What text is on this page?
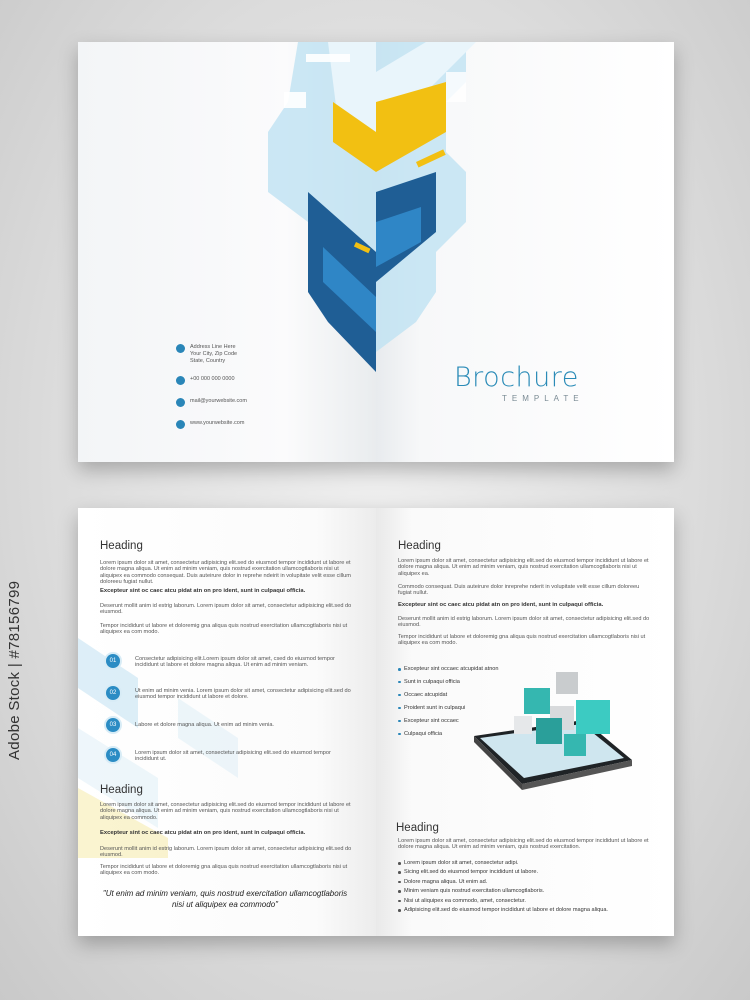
Adobe Stock | #78156799
Address Line Here
Your City, Zip Code
State, Country
+00 000 000 0000
mail@yourwebsite.com
www.yourwebsite.com
Brochure
TEMPLATE
Heading
Lorem ipsum dolor sit amet, consectetur adipisicing elit.sed do eiusmod tempor incididunt ut labore et dolore magna aliqua. Ut enim ad minim veniam, quis nostrud exercitation ullamcogtlaboris nisi ut aliquipex ea commodo consequat. Duis auteirure dolor in reprehe ndeirit in volupitate velit esse cillum doloreeu fugiat nullut.
Excepteur sint oc caec atcu pidat atn on pro ident, sunt in culpaqui officia.
Deserunt mollit anim id estrig laborum. Lorem ipsum dolor sit amet, consectetur adipisicing elit.sed do eiusmod.
Tempor incididunt ut labore et doloremig gna aliqua quis nostrud exercitation ullamcogtlaboris nisi ut aliquipex ea com modo.
01	Consectetur adipisicing elit.Lorem ipsum dolor sit amet, csed do eiusmod tempor incididunt ut labore et dolore magna aliqua. Ut enim ad minim veniam.
02	Ut enim ad minim venia. Lorem ipsum dolor sit amet, consectetur adipisicing elit.sed do eiusmod tempor incididunt ut labore et dolore.
03	Labore et dolore magna aliqua. Ut enim ad minim venia.
04	Lorem ipsum dolor sit amet, consectetur adipisicing elit.sed do eiusmod tempor incididunt ut.
Heading
Lorem ipsum dolor sit amet, consectetur adipisicing elit.sed do eiusmod tempor incididunt ut labore et dolore magna aliqua. Ut enim ad minim veniam, quis nostrud exercitation ullamcogtlaboris nisi ut aliquipex ea commodo.
Excepteur sint oc caec atcu pidat atn on pro ident, sunt in culpaqui officia.
Deserunt mollit anim id estrig laborum. Lorem ipsum dolor sit amet, consectetur adipisicing elit.sed do eiusmod.
Tempor incididunt ut labore et doloremig gna aliqua quis nostrud exercitation ullamcogtlaboris nisi ut aliquipex ea com modo.
"Ut enim ad minim veniam, quis nostrud exercitation ullamcogtlaboris nisi ut aliquipex ea commodo"
Heading
Lorem ipsum dolor sit amet, consectetur adipisicing elit.sed do eiusmod tempor incididunt ut labore et dolore magna aliqua. Ut enim ad minim veniam, quis nostrud exercitation ullamcogtlaboris nisi ut aliquipex ea.
Commodo consequat. Duis auteirure dolor inreprehe nderit in volupitate velit esse cillum doloreeu fugiat nullut.
Excepteur sint oc caec atcu pidat atn on pro ident, sunt in culpaqui officia.
Deserunt mollit anim id estrig laborum. Lorem ipsum dolor sit amet, consectetur adipisicing elit.sed do eiusmod.
Tempor incididunt ut labore et doloremig gna aliqua quis nostrud exercitation ullamcogtlaboris nisi ut aliquipex ea com modo.
Excepteur sint occaec atcupidat atnon
Sunt in culpaqui officia
Occaec atcupidat
Proident sunt in culpaqui
Excepteur sint occaec
Culpaqui officia
Heading
Lorem ipsum dolor sit amet, consectetur adipisicing elit.sed do eiusmod tempor incididunt ut labore et dolore magna aliqua. Ut enim ad minim veniam, quis nostrud exercitation.
Lorem ipsum dolor sit amet, consectetur adipi.
Sicing elit.sed do eiusmod tempor incididunt ut labore.
Dolore magna aliqua. Ut enim ad.
Minim veniam quis nostrud exercitation ullamcogtlaboris.
Nisi ut aliquipex ea commodo, amet, consectetur.
Adipisicing elit.sed do eiusmod tempor incididunt ut labore et dolore magna aliqua.
